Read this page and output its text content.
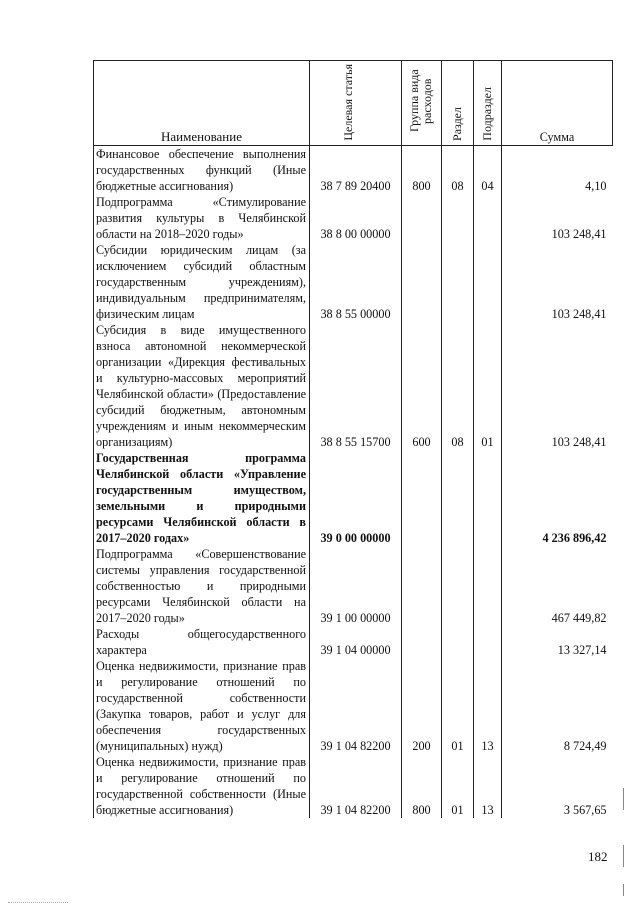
Наименование	Целевая статья	Группа вида расходов	Раздел	Подраздел	Сумма

Финансовое обеспечение выполнения государственных функций (Иные бюджетные ассигнования)	38 7 89 20400	800	08	04	4,10

Подпрограмма «Стимулирование развития культуры в Челябинской области на 2018–2020 годы»	38 8 00 00000				103 248,41

Субсидии юридическим лицам (за исключением субсидий областным государственным учреждениям), индивидуальным предпринимателям, физическим лицам	38 8 55 00000				103 248,41

Субсидия в виде имущественного взноса автономной некоммерческой организации «Дирекция фестивальных и культурно-массовых мероприятий Челябинской области» (Предоставление субсидий бюджетным, автономным учреждениям и иным некоммерческим организациям)	38 8 55 15700	600	08	01	103 248,41

Государственная программа Челябинской области «Управление государственным имуществом, земельными и природными ресурсами Челябинской области в 2017–2020 годах»	39 0 00 00000				4 236 896,42

Подпрограмма «Совершенствование системы управления государственной собственностью и природными ресурсами Челябинской области на 2017–2020 годы»	39 1 00 00000				467 449,82

Расходы общегосударственного характера	39 1 04 00000				13 327,14

Оценка недвижимости, признание прав и регулирование отношений по государственной собственности (Закупка товаров, работ и услуг для обеспечения государственных (муниципальных) нужд)	39 1 04 82200	200	01	13	8 724,49

Оценка недвижимости, признание прав и регулирование отношений по государственной собственности (Иные бюджетные ассигнования)	39 1 04 82200	800	01	13	3 567,65
182
